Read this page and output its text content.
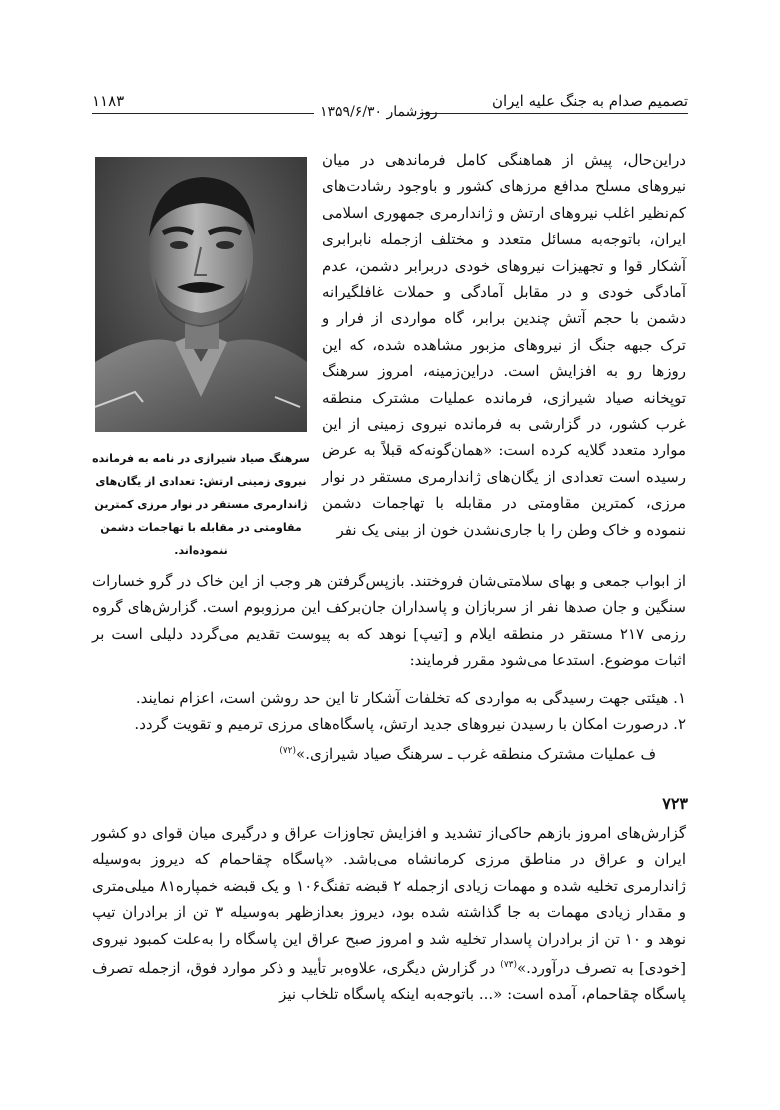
تصمیم صدام به جنگ علیه ایران
۱۱۸۳
روزشمار ۱۳۵۹/۶/۳۰
سرهنگ صیاد شیرازی در نامه به فرمانده نیروی زمینی ارتش: تعدادی از یگان‌های ژاندارمری مستقر در نوار مرزی کمترین مقاومتی در مقابله با تهاجمات دشمن ننموده‌اند.

دراین‌حال، پیش از هماهنگی کامل فرماندهی در میان نیروهای مسلح مدافع مرزهای کشور و باوجود رشادت‌های کم‌نظیر اغلب نیروهای ارتش و ژاندارمری جمهوری اسلامی ایران، باتوجه‌به مسائل متعدد و مختلف ازجمله نابرابری آشکار قوا و تجهیزات نیروهای خودی دربرابر دشمن، عدم آمادگی خودی و در مقابل آمادگی و حملات غافلگیرانه دشمن با حجم آتش چندین برابر، گاه مواردی از فرار و ترک جبهه جنگ از نیروهای مزبور مشاهده شده، که این روزها رو به افزایش است. دراین‌زمینه، امروز سرهنگ توپخانه صیاد شیرازی، فرمانده عملیات مشترک منطقه غرب کشور، در گزارشی به فرمانده نیروی زمینی از این موارد متعدد گلایه کرده است: «همان‌گونه‌که قبلاً به عرض رسیده است تعدادی از یگان‌های ژاندارمری مستقر در نوار مرزی، کمترین مقاومتی در مقابله با تهاجمات دشمن ننموده و خاک وطن را با جاری‌نشدن خون از بینی یک نفر

از ابواب جمعی و بهای سلامتی‌شان فروختند. بازپس‌گرفتن هر وجب از این خاک در گرو خسارات سنگین و جان صدها نفر از سربازان و پاسداران جان‌برکف این مرزوبوم است. گزارش‌های گروه رزمی ۲۱۷ مستقر در منطقه ایلام و [تیپ] نوهد که به پیوست تقدیم می‌گردد دلیلی است بر اثبات موضوع. استدعا می‌شود مقرر فرمایند:

۱. هیئتی جهت رسیدگی به مواردی که تخلفات آشکار تا این حد روشن است، اعزام نمایند.
۲. درصورت امکان با رسیدن نیروهای جدید ارتش، پاسگاه‌های مرزی ترمیم و تقویت گردد.
ف عملیات مشترک منطقه غرب ـ سرهنگ صیاد شیرازی.»$^{(۷۲)}$
۷۲۳

گزارش‌های امروز بازهم حاکی‌از تشدید و افزایش تجاوزات عراق و درگیری میان قوای دو کشور ایران و عراق در مناطق مرزی کرمانشاه می‌باشد. «پاسگاه چقاحمام که دیروز به‌وسیله ژاندارمری تخلیه شده و مهمات زیادی ازجمله ۲ قبضه تفنگ۱۰۶ و یک قبضه خمپاره۸۱ میلی‌متری و مقدار زیادی مهمات به جا گذاشته شده بود، دیروز بعدازظهر به‌وسیله ۳ تن از برادران تیپ نوهد و ۱۰ تن از برادران پاسدار تخلیه شد و امروز صبح عراق این پاسگاه را به‌علت کمبود نیروی [خودی] به تصرف درآورد.»$^{(۷۳)}$ در گزارش دیگری، علاوه‌بر تأیید و ذکر موارد فوق، ازجمله تصرف پاسگاه چقاحمام، آمده است: «... باتوجه‌به اینکه پاسگاه تلخاب نیز
